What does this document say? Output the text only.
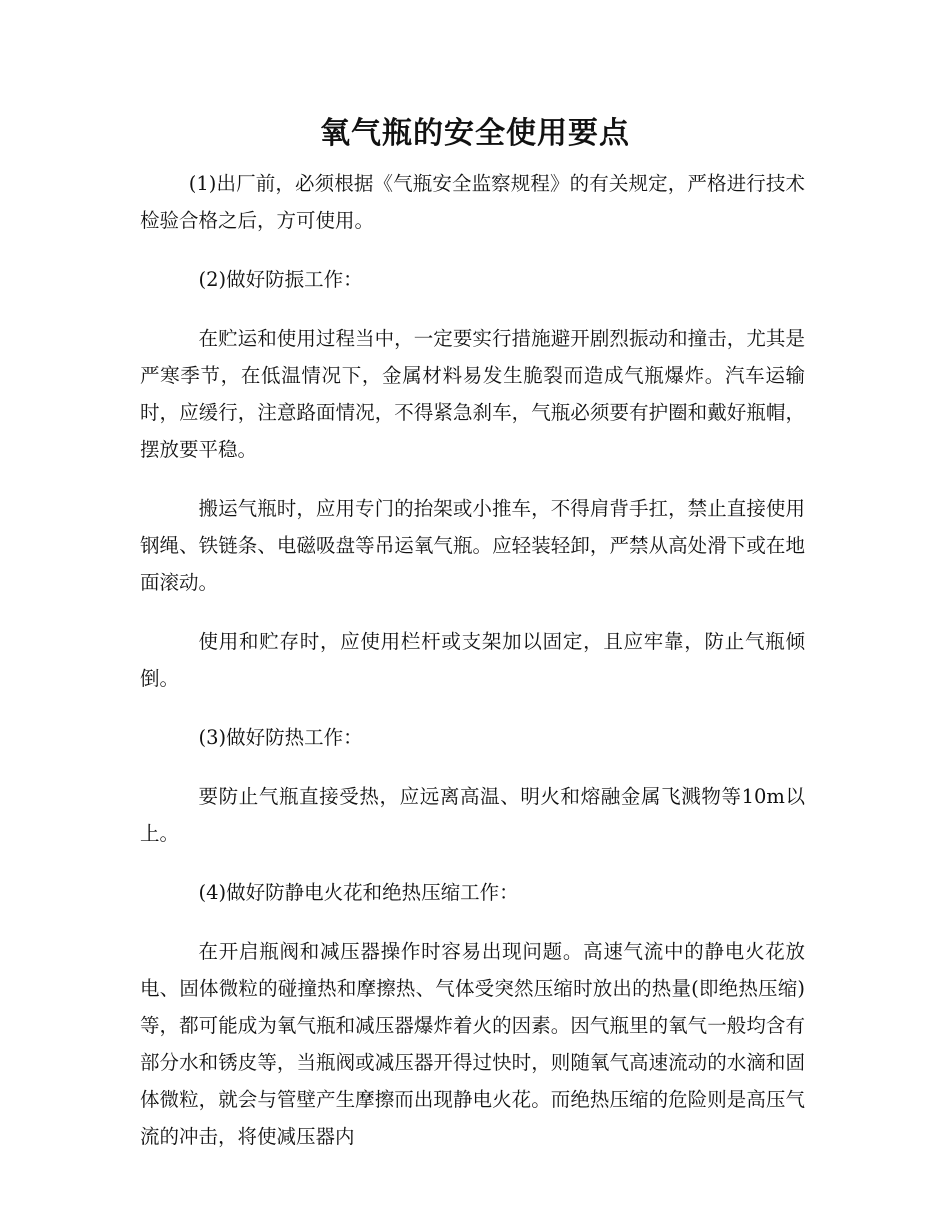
氧气瓶的安全使用要点

(1)出厂前，必须根据《气瓶安全监察规程》的有关规定，严格进行技术检验合格之后，方可使用。

(2)做好防振工作：

在贮运和使用过程当中，一定要实行措施避开剧烈振动和撞击，尤其是严寒季节，在低温情况下，金属材料易发生脆裂而造成气瓶爆炸。汽车运输时，应缓行，注意路面情况，不得紧急刹车，气瓶必须要有护圈和戴好瓶帽，摆放要平稳。

搬运气瓶时，应用专门的抬架或小推车，不得肩背手扛，禁止直接使用钢绳、铁链条、电磁吸盘等吊运氧气瓶。应轻装轻卸，严禁从高处滑下或在地面滚动。

使用和贮存时，应使用栏杆或支架加以固定，且应牢靠，防止气瓶倾倒。

(3)做好防热工作：

要防止气瓶直接受热，应远离高温、明火和熔融金属飞溅物等10m以上。

(4)做好防静电火花和绝热压缩工作：

在开启瓶阀和减压器操作时容易出现问题。高速气流中的静电火花放电、固体微粒的碰撞热和摩擦热、气体受突然压缩时放出的热量(即绝热压缩)等，都可能成为氧气瓶和减压器爆炸着火的因素。因气瓶里的氧气一般均含有部分水和锈皮等，当瓶阀或减压器开得过快时，则随氧气高速流动的水滴和固体微粒，就会与管壁产生摩擦而出现静电火花。而绝热压缩的危险则是高压气流的冲击，将使减压器内
